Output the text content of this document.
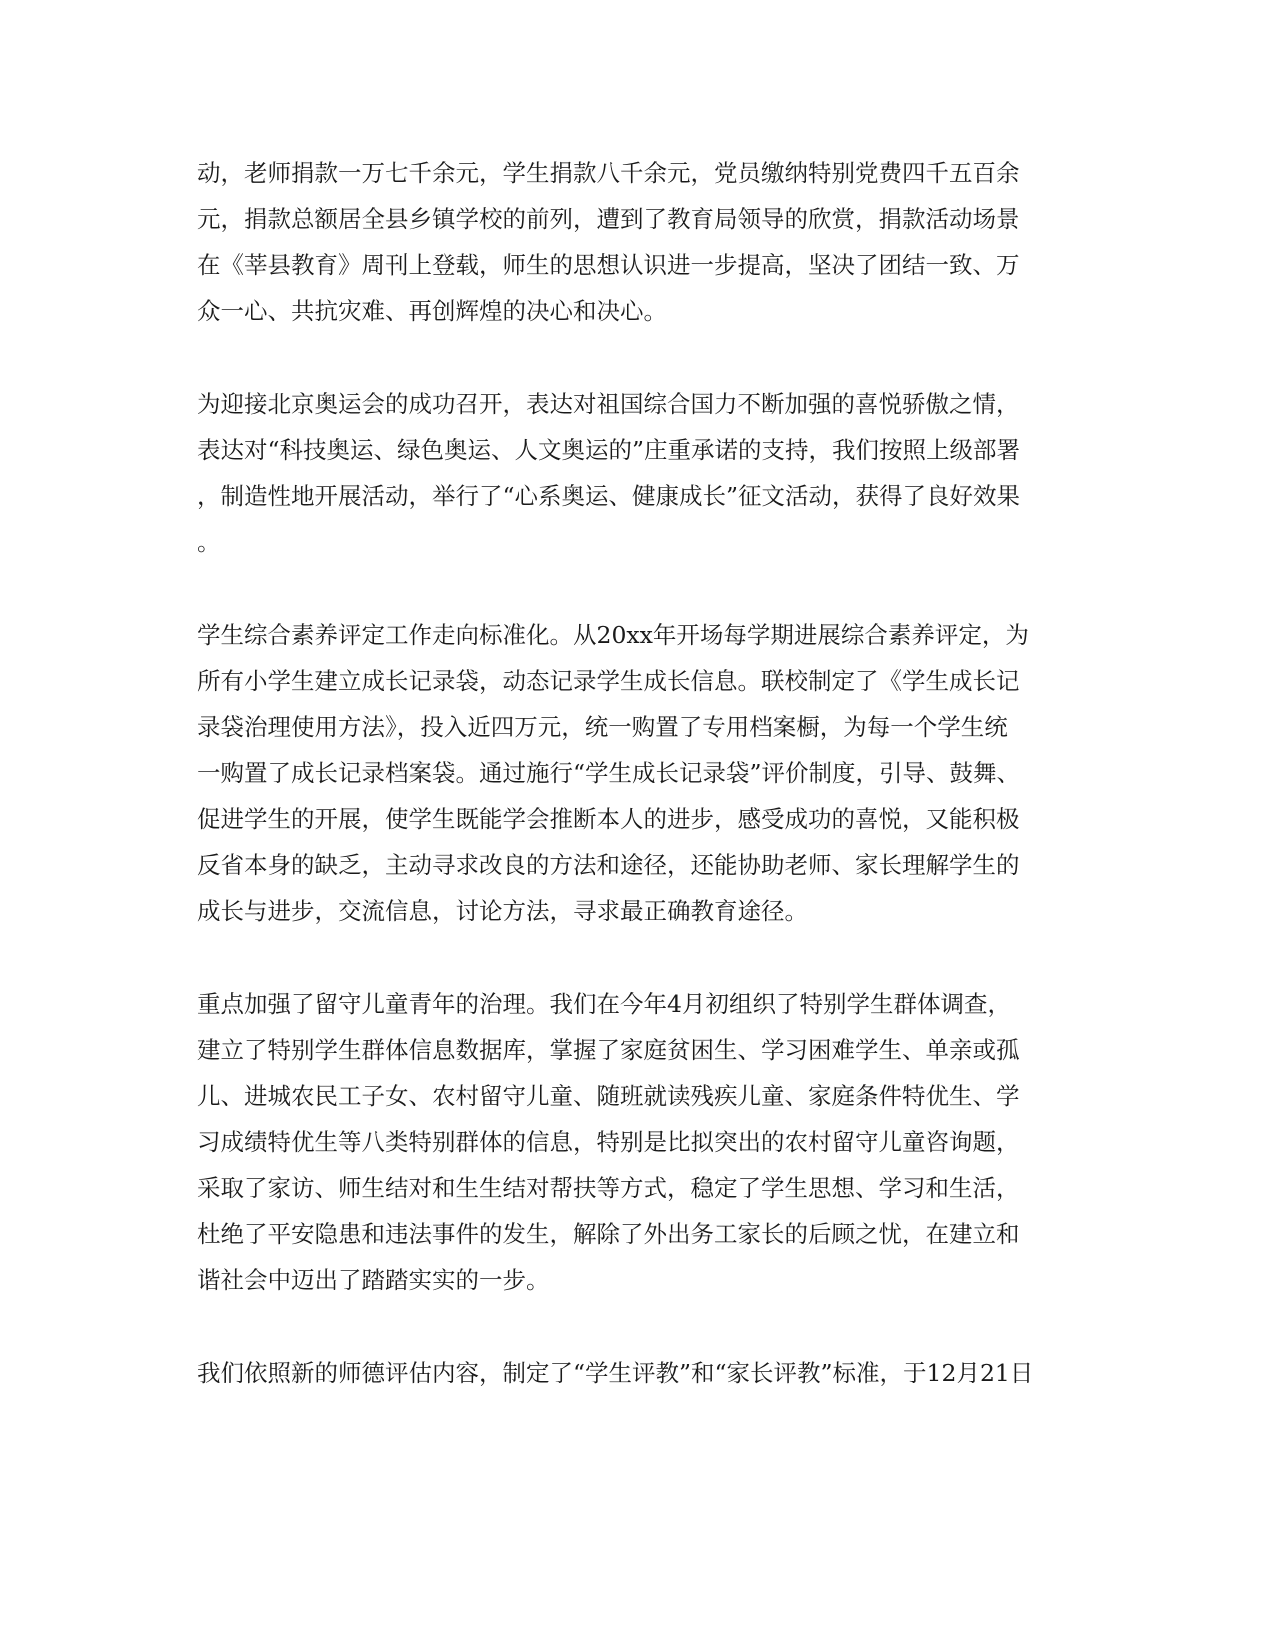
动，老师捐款一万七千余元，学生捐款八千余元，党员缴纳特别党费四千五百余
元，捐款总额居全县乡镇学校的前列，遭到了教育局领导的欣赏，捐款活动场景
在《莘县教育》周刊上登载，师生的思想认识进一步提高，坚决了团结一致、万
众一心、共抗灾难、再创辉煌的决心和决心。
为迎接北京奥运会的成功召开，表达对祖国综合国力不断加强的喜悦骄傲之情，
表达对“科技奥运、绿色奥运、人文奥运的”庄重承诺的支持，我们按照上级部署
，制造性地开展活动，举行了“心系奥运、健康成长”征文活动，获得了良好效果
。
学生综合素养评定工作走向标准化。从20xx年开场每学期进展综合素养评定，为
所有小学生建立成长记录袋，动态记录学生成长信息。联校制定了《学生成长记
录袋治理使用方法》，投入近四万元，统一购置了专用档案橱，为每一个学生统
一购置了成长记录档案袋。通过施行“学生成长记录袋”评价制度，引导、鼓舞、
促进学生的开展，使学生既能学会推断本人的进步，感受成功的喜悦，又能积极
反省本身的缺乏，主动寻求改良的方法和途径，还能协助老师、家长理解学生的
成长与进步，交流信息，讨论方法，寻求最正确教育途径。
重点加强了留守儿童青年的治理。我们在今年4月初组织了特别学生群体调查，
建立了特别学生群体信息数据库，掌握了家庭贫困生、学习困难学生、单亲或孤
儿、进城农民工子女、农村留守儿童、随班就读残疾儿童、家庭条件特优生、学
习成绩特优生等八类特别群体的信息，特别是比拟突出的农村留守儿童咨询题，
采取了家访、师生结对和生生结对帮扶等方式，稳定了学生思想、学习和生活，
杜绝了平安隐患和违法事件的发生，解除了外出务工家长的后顾之忧，在建立和
谐社会中迈出了踏踏实实的一步。
我们依照新的师德评估内容，制定了“学生评教”和“家长评教”标准，于12月21日
